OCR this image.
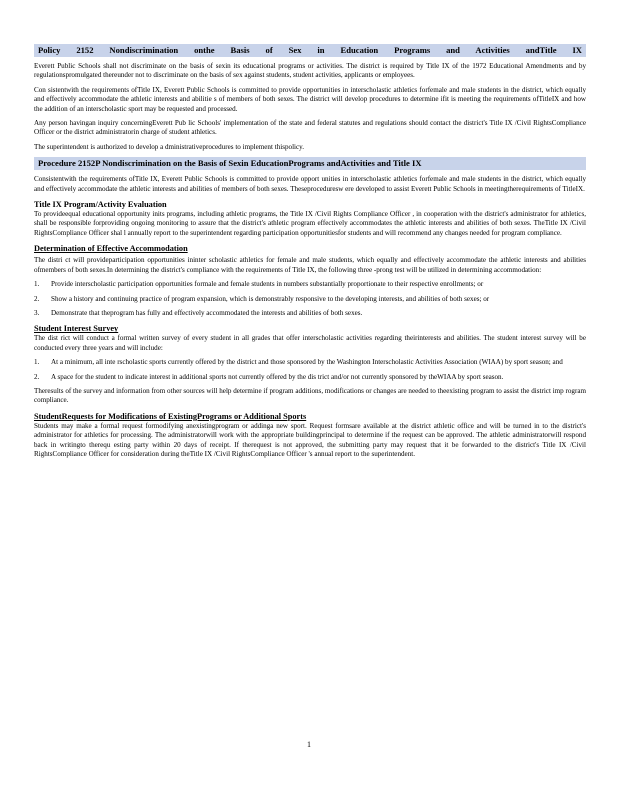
Policy 2152 Nondiscrimination onthe Basis of Sex in Education Programs and Activities andTitle IX

Everett Public Schools shall not discriminate on the basis of sexin its educational programs or activities. The district is required by Title IX of the 1972 Educational Amendments and by regulationspromulgated thereunder not to discriminate on the basis of sex against students, student activities, applicants or employees.

Con sistentwith the requirements ofTitle IX, Everett Public Schools is committed to provide opportunities in interscholastic athletics forfemale and male students in the district, which equally and effectively accommodate the athletic interests and abilitie s of members of both sexes. The district will develop procedures to determine ifit is meeting the requirements ofTitleIX and how the addition of an interscholastic sport may be requested and processed.

Any person havingan inquiry concerningEverett Pub lic Schools' implementation of the state and federal statutes and regulations should contact the district's Title IX /Civil RightsCompliance Officer or the district administratorin charge of student athletics.

The superintendent is authorized to develop a dministrativeprocedures to implement thispolicy.

Procedure 2152P Nondiscrimination on the Basis of Sexin EducationPrograms andActivities and Title IX

Consistentwith the requirements ofTitle IX, Everett Public Schools is committed to provide opport unities in interscholastic athletics forfemale and male students in the district, which equally and effectively accommodate the athletic interests and abilities of members of both sexes. Theseproceduresw ere developed to assist Everett Public Schools in meetingtherequirements of TitleIX.

Title IX Program/Activity Evaluation

To provideequal educational opportunity inits programs, including athletic programs, the Title IX /Civil Rights Compliance Officer , in cooperation with the district's administrator for athletics, shall be responsible forproviding ongoing monitoring to assure that the district's athletic program effectively accommodates the athletic interests and abilities of both sexes. TheTitle IX /Civil RightsCompliance Officer shal l annually report to the superintendent regarding participation opportunitiesfor students and will recommend any changes needed for program compliance.

Determination of Effective Accommodation

The distri ct will provideparticipation opportunities ininter scholastic athletics for female and male students, which equally and effectively accommodate the athletic interests and abilities ofmembers of both sexes.In determining the district's compliance with the requirements of Title IX, the following three -prong test will be utilized in determining accommodation:

1.	Provide interscholastic participation opportunities formale and female students in numbers substantially proportionate to their respective enrollments; or
2.	Show a history and continuing practice of program expansion, which is demonstrably responsive to the developing interests, and abilities of both sexes; or
3.	Demonstrate that theprogram has fully and effectively accommodated the interests and abilities of both sexes.
Student Interest Survey

The dist rict will conduct a formal written survey of every student in all grades that offer interscholastic activities regarding theirinterests and abilities. The student interest survey will be conducted every three years and will include:

1.	At a minimum, all inte rscholastic sports currently offered by the district and those sponsored by the Washington Interscholastic Activities Association (WIAA) by sport season; and
2.	A space for the student to indicate interest in additional sports not currently offered by the dis trict and/or not currently sponsored by theWIAA by sport season.

Theresults of the survey and information from other sources will help determine if program additions, modifications or changes are needed to theexisting program to assist the district imp rogram compliance.

StudentRequests for Modifications of ExistingPrograms or Additional Sports

Students may make a formal request formodifying anexistingprogram or addinga new sport. Request formsare available at the district athletic office and will be turned in to the district's administrator for athletics for processing. The administratorwill work with the appropriate buildingprincipal to determine if the request can be approved. The athletic administratorwill respond back in writingto therequ esting party within 20 days of receipt. If therequest is not approved, the submitting party may request that it be forwarded to the district's Title IX /Civil RightsCompliance Officer for consideration during theTitle IX /Civil RightsCompliance Officer 's annual report to the superintendent.

1
